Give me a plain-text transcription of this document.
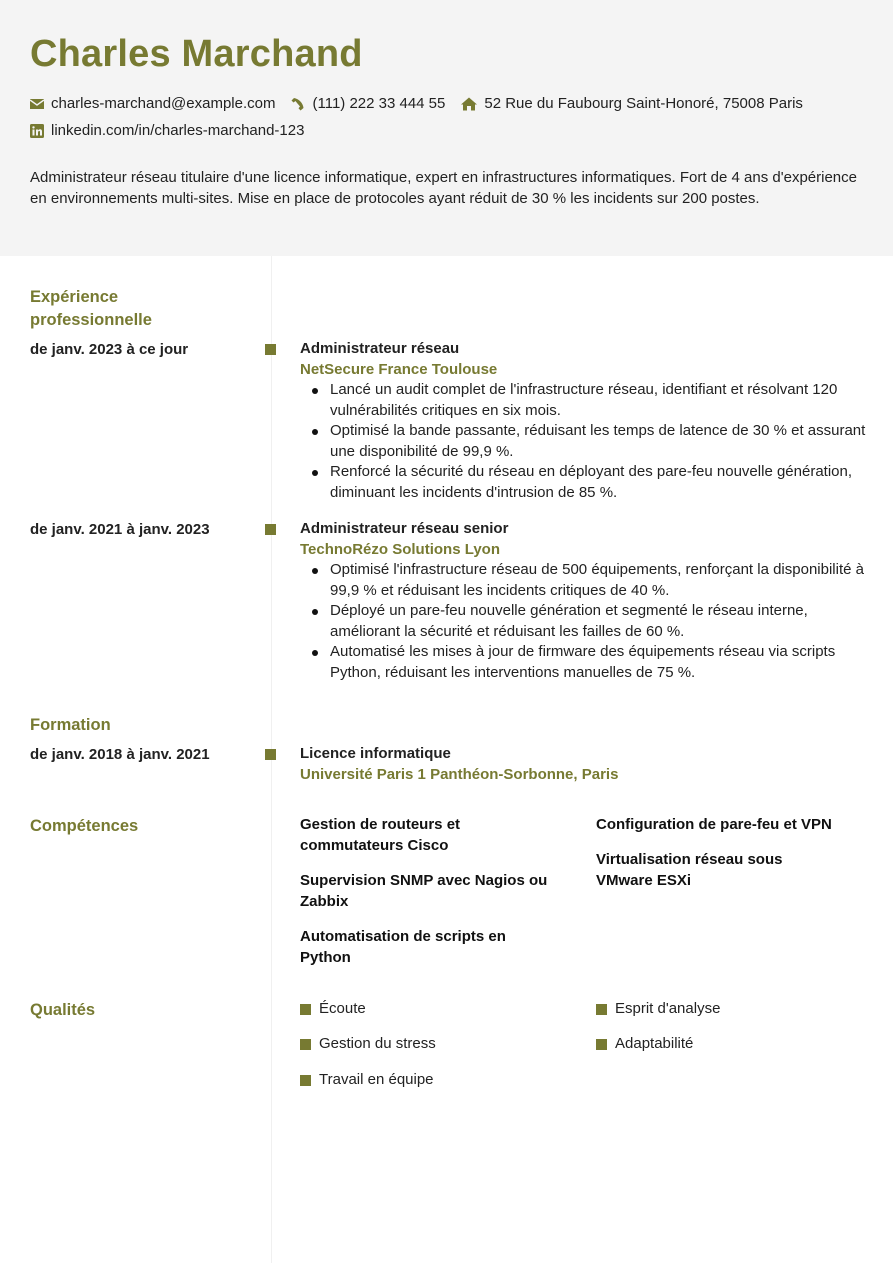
Charles Marchand
charles-marchand@example.com (111) 222 33 444 55	52 Rue du Faubourg Saint-Honoré, 75008 Paris
linkedin.com/in/charles-marchand-123
Administrateur réseau titulaire d'une licence informatique, expert en infrastructures informatiques. Fort de 4 ans d'expérience en environnements multi-sites. Mise en place de protocoles ayant réduit de 30 % les incidents sur 200 postes.
Expérience professionnelle
de janv. 2023 à ce jour	Administrateur réseau
NetSecure France Toulouse
Lancé un audit complet de l'infrastructure réseau, identifiant et résolvant 120 vulnérabilités critiques en six mois.
Optimisé la bande passante, réduisant les temps de latence de 30 % et assurant une disponibilité de 99,9 %.
Renforcé la sécurité du réseau en déployant des pare-feu nouvelle génération, diminuant les incidents d'intrusion de 85 %.
de janv. 2021 à janv. 2023	Administrateur réseau senior
TechnoRézo Solutions Lyon
Optimisé l'infrastructure réseau de 500 équipements, renforçant la disponibilité à 99,9 % et réduisant les incidents critiques de 40 %.
Déployé un pare-feu nouvelle génération et segmenté le réseau interne, améliorant la sécurité et réduisant les failles de 60 %.
Automatisé les mises à jour de firmware des équipements réseau via scripts Python, réduisant les interventions manuelles de 75 %.
Formation
de janv. 2018 à janv. 2021	Licence informatique
Université Paris 1 Panthéon-Sorbonne, Paris
Compétences	Gestion de routeurs et commutateurs Cisco
Supervision SNMP avec Nagios ou Zabbix
Automatisation de scripts en Python
Configuration de pare-feu et VPN
Virtualisation réseau sous VMware ESXi
Qualités	Écoute
Gestion du stress
Travail en équipe
Esprit d'analyse
Adaptabilité
